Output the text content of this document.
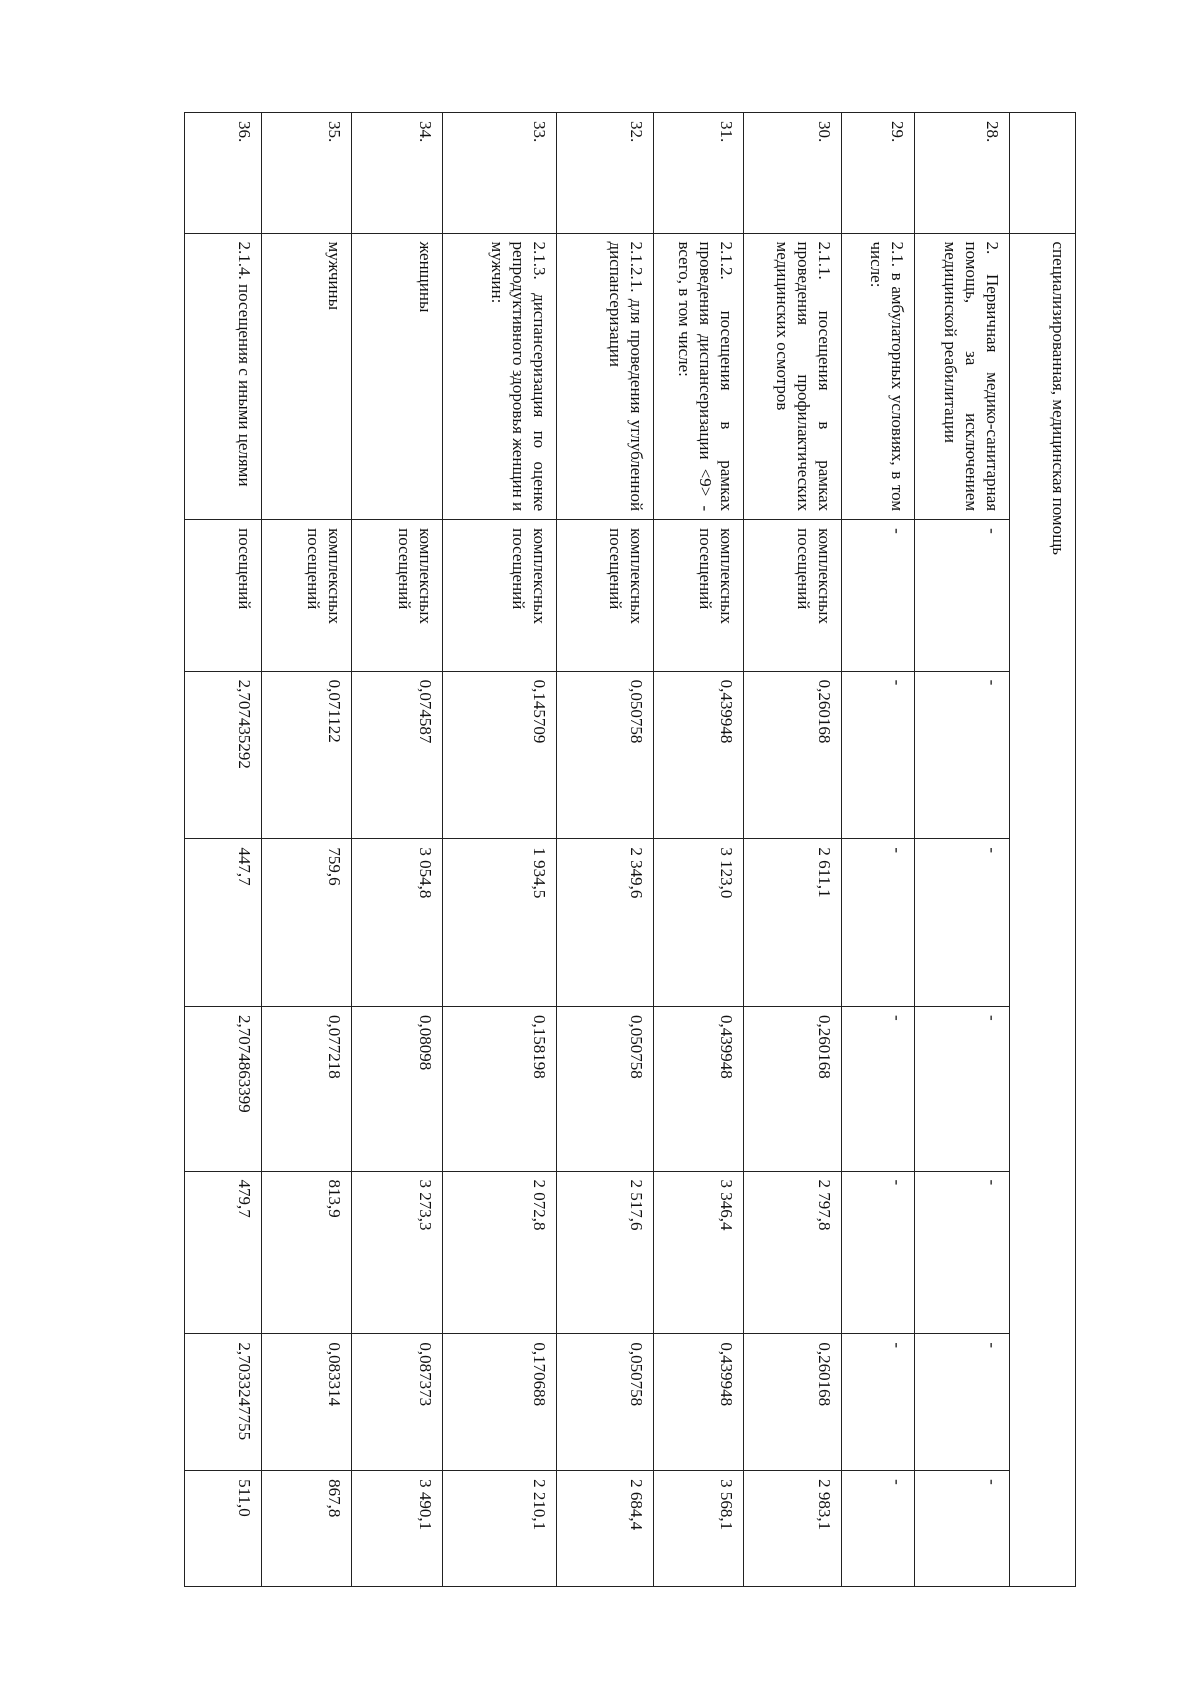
	специализированная, медицинская помощь							
28.	2. Первичная медико-санитарная помощь, за исключением медицинской реабилитации	-	-	-	-	-	-	-
29.	2.1. в амбулаторных условиях, в том числе:	-	-	-	-	-	-	-
30.	2.1.1. посещения в рамках проведения профилактических медицинских осмотров	комплексных посещений	0,260168	2 611,1	0,260168	2 797,8	0,260168	2 983,1
31.	2.1.2. посещения в рамках проведения диспансеризации <9> - всего, в том числе:	комплексных посещений	0,439948	3 123,0	0,439948	3 346,4	0,439948	3 568,1
32.	2.1.2.1. для проведения углубленной диспансеризации	комплексных посещений	0,050758	2 349,6	0,050758	2 517,6	0,050758	2 684,4
33.	2.1.3. диспансеризация по оценке репродуктивного здоровья женщин и мужчин:	комплексных посещений	0,145709	1 934,5	0,158198	2 072,8	0,170688	2 210,1
34.	женщины	комплексных посещений	0,074587	3 054,8	0,08098	3 273,3	0,087373	3 490,1
35.	мужчины	комплексных посещений	0,071122	759,6	0,077218	813,9	0,083314	867,8
36.	2.1.4. посещения с иными целями	посещений	2,707435292	447,7	2,7074863399	479,7	2,7033247755	511,0
